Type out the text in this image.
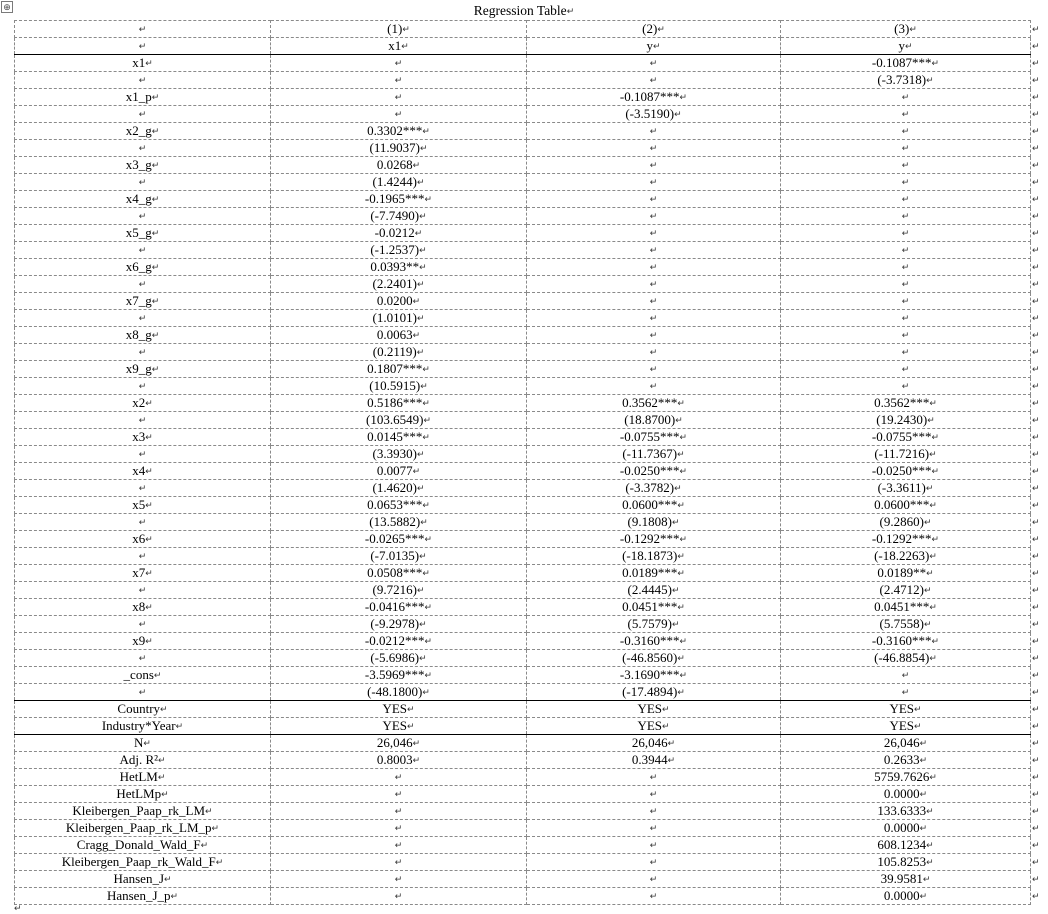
⊕	Regression Table↵
↵	(1)↵	(2)↵	(3)↵
↵	x1↵	y↵	y↵
x1↵	↵	↵	-0.1087***↵
↵	↵	↵	(-3.7318)↵
x1_p↵	↵	-0.1087***↵	↵
↵	↵	(-3.5190)↵	↵
x2_g↵	0.3302***↵	↵	↵
↵	(11.9037)↵	↵	↵
x3_g↵	0.0268↵	↵	↵
↵	(1.4244)↵	↵	↵
x4_g↵	-0.1965***↵	↵	↵
↵	(-7.7490)↵	↵	↵
x5_g↵	-0.0212↵	↵	↵
↵	(-1.2537)↵	↵	↵
x6_g↵	0.0393**↵	↵	↵
↵	(2.2401)↵	↵	↵
x7_g↵	0.0200↵	↵	↵
↵	(1.0101)↵	↵	↵
x8_g↵	0.0063↵	↵	↵
↵	(0.2119)↵	↵	↵
x9_g↵	0.1807***↵	↵	↵
↵	(10.5915)↵	↵	↵
x2↵	0.5186***↵	0.3562***↵	0.3562***↵
↵	(103.6549)↵	(18.8700)↵	(19.2430)↵
x3↵	0.0145***↵	-0.0755***↵	-0.0755***↵
↵	(3.3930)↵	(-11.7367)↵	(-11.7216)↵
x4↵	0.0077↵	-0.0250***↵	-0.0250***↵
↵	(1.4620)↵	(-3.3782)↵	(-3.3611)↵
x5↵	0.0653***↵	0.0600***↵	0.0600***↵
↵	(13.5882)↵	(9.1808)↵	(9.2860)↵
x6↵	-0.0265***↵	-0.1292***↵	-0.1292***↵
↵	(-7.0135)↵	(-18.1873)↵	(-18.2263)↵
x7↵	0.0508***↵	0.0189***↵	0.0189**↵
↵	(9.7216)↵	(2.4445)↵	(2.4712)↵
x8↵	-0.0416***↵	0.0451***↵	0.0451***↵
↵	(-9.2978)↵	(5.7579)↵	(5.7558)↵
x9↵	-0.0212***↵	-0.3160***↵	-0.3160***↵
↵	(-5.6986)↵	(-46.8560)↵	(-46.8854)↵
_cons↵	-3.5969***↵	-3.1690***↵	↵
↵	(-48.1800)↵	(-17.4894)↵	↵
Country↵	YES↵	YES↵	YES↵
Industry*Year↵	YES↵	YES↵	YES↵
N↵	26,046↵	26,046↵	26,046↵
Adj. R²↵	0.8003↵	0.3944↵	0.2633↵
HetLM↵	↵	↵	5759.7626↵
HetLMp↵	↵	↵	0.0000↵
Kleibergen_Paap_rk_LM↵	↵	↵	133.6333↵
Kleibergen_Paap_rk_LM_p↵	↵	↵	0.0000↵
Cragg_Donald_Wald_F↵	↵	↵	608.1234↵
Kleibergen_Paap_rk_Wald_F↵	↵	↵	105.8253↵
Hansen_J↵	↵	↵	39.9581↵
Hansen_J_p↵	↵	↵	0.0000↵
↵
↵
↵
↵
↵
↵
↵
↵
↵
↵
↵
↵
↵
↵
↵
↵
↵
↵
↵
↵
↵
↵
↵
↵
↵
↵
↵
↵
↵
↵
↵
↵
↵
↵
↵
↵
↵
↵
↵
↵
↵
↵
↵
↵
↵
↵
↵
↵
↵
↵
↵
↵
↵
